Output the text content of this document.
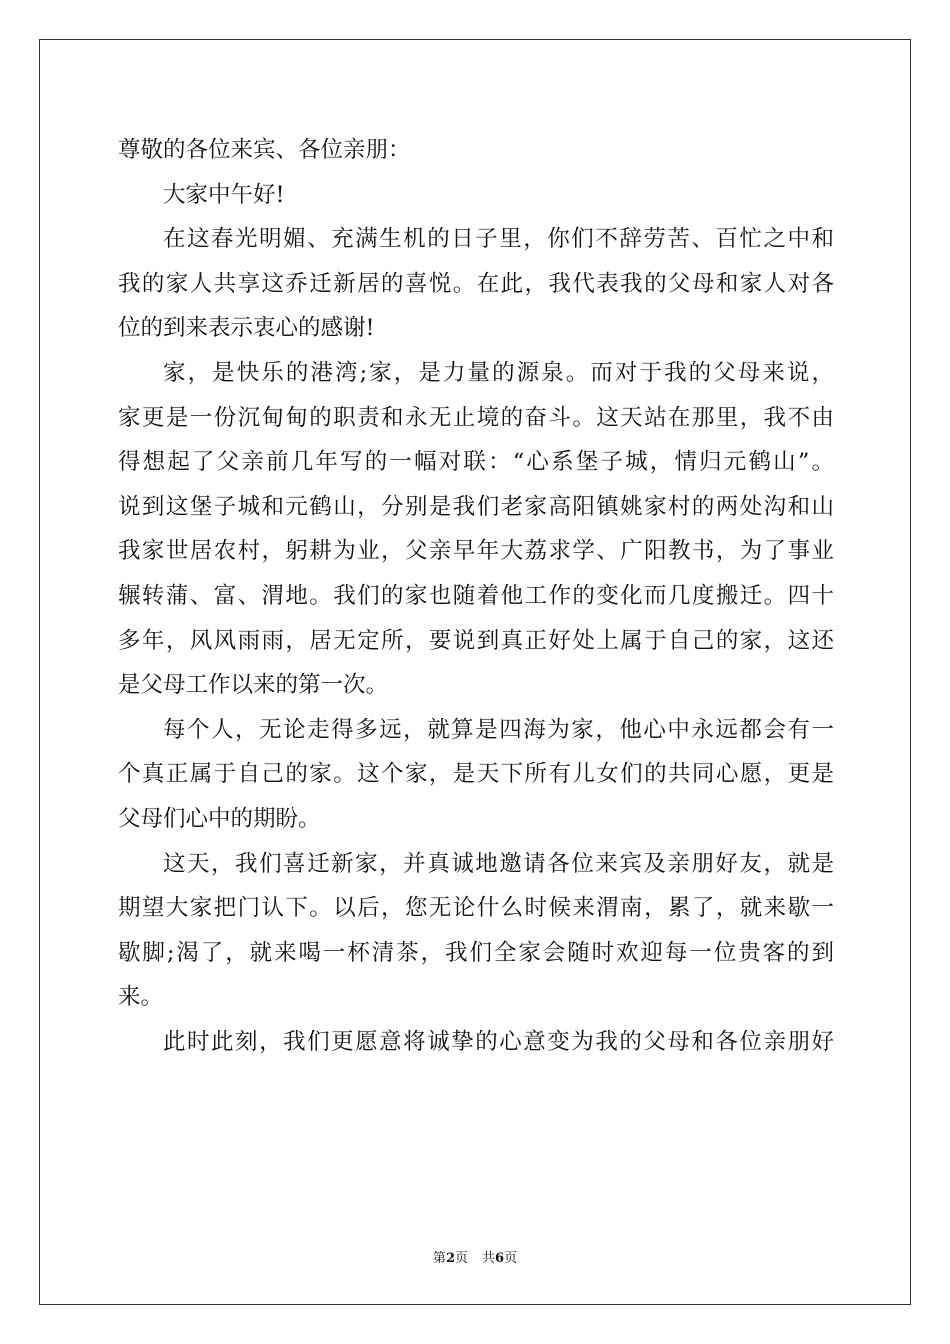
尊敬的各位来宾、各位亲朋：
大家中午好!
在这春光明媚、充满生机的日子里，你们不辞劳苦、百忙之中和
我的家人共享这乔迁新居的喜悦。在此，我代表我的父母和家人对各
位的到来表示衷心的感谢!
家，是快乐的港湾;家，是力量的源泉。而对于我的父母来说，
家更是一份沉甸甸的职责和永无止境的奋斗。这天站在那里，我不由
得想起了父亲前几年写的一幅对联：“心系堡子城，情归元鹤山”。
说到这堡子城和元鹤山，分别是我们老家高阳镇姚家村的两处沟和山
我家世居农村，躬耕为业，父亲早年大荔求学、广阳教书，为了事业
辗转蒲、富、渭地。我们的家也随着他工作的变化而几度搬迁。四十
多年，风风雨雨，居无定所，要说到真正好处上属于自己的家，这还
是父母工作以来的第一次。
每个人，无论走得多远，就算是四海为家，他心中永远都会有一
个真正属于自己的家。这个家，是天下所有儿女们的共同心愿，更是
父母们心中的期盼。
这天，我们喜迁新家，并真诚地邀请各位来宾及亲朋好友，就是
期望大家把门认下。以后，您无论什么时候来渭南，累了，就来歇一
歇脚;渴了，就来喝一杯清茶，我们全家会随时欢迎每一位贵客的到
来。
此时此刻，我们更愿意将诚挚的心意变为我的父母和各位亲朋好
第2页 共6页
